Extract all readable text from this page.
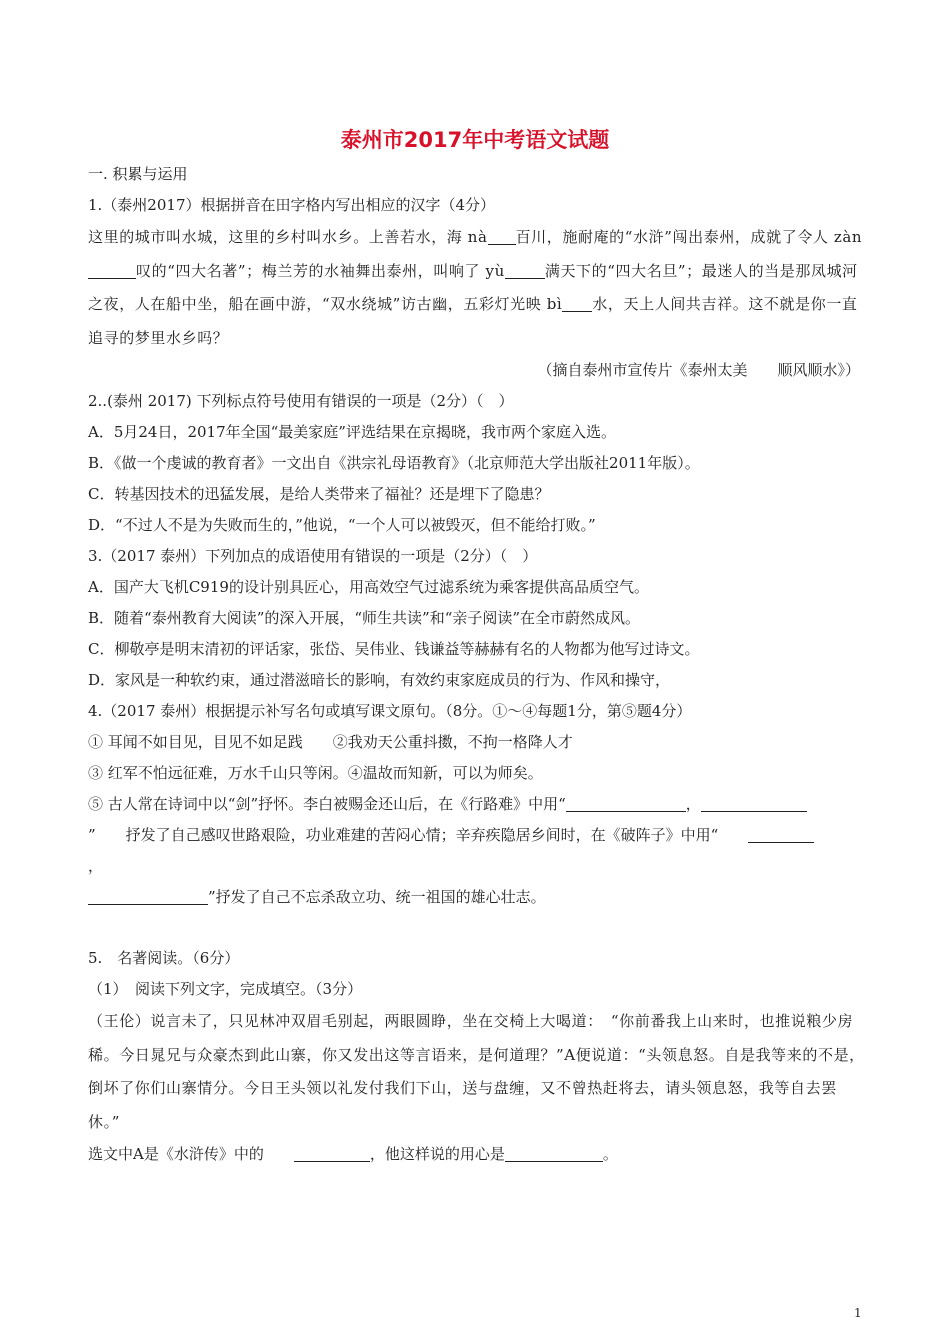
泰州市2017年中考语文试题

一. 积累与运用

1.（泰州2017）根据拼音在田字格内写出相应的汉字（4分）

这里的城市叫水城，这里的乡村叫水乡。上善若水，海 nà 百川，施耐庵的“水浒”闯出泰州，成就了令人 zàn叹的“四大名著”；梅兰芳的水袖舞出泰州，叫响了 yù	满天下的“四大名旦”；最迷人的当是那凤城河之夜，人在船中坐，船在画中游，“双水绕城”访古幽，五彩灯光映 bì 水，天上人间共吉祥。这不就是你一直追寻的梦里水乡吗？

（摘自泰州市宣传片《泰州太美　　顺风顺水》）

2..(泰州 2017) 下列标点符号使用有错误的一项是（2分）（　）

A．5月24日，2017年全国“最美家庭”评选结果在京揭晓，我市两个家庭入选。

B．《做一个虔诚的教育者》一文出自《洪宗礼母语教育》（北京师范大学出版社2011年版）。

C．转基因技术的迅猛发展，是给人类带来了福祉？还是埋下了隐患？

D．“不过人不是为失败而生的，”他说，“一个人可以被毁灭，但不能给打败。”

3.（2017 泰州）下列加点的成语使用有错误的一项是（2分）（　）

A．国产大飞机C919的设计别具匠心，用高效空气过滤系统为乘客提供高品质空气。

B．随着“泰州教育大阅读”的深入开展，“师生共读”和“亲子阅读”在全市蔚然成风。

C．柳敬亭是明末清初的评话家，张岱、吴伟业、钱谦益等赫赫有名的人物都为他写过诗文。

D．家风是一种软约束，通过潜滋暗长的影响，有效约束家庭成员的行为、作风和操守，

4.（2017 泰州）根据提示补写名句或填写课文原句。（8分。①～④每题1分，第⑤题4分）

① 耳闻不如目见，目见不如足践 ②我劝天公重抖擞，不拘一格降人才

③ 红军不怕远征难，万水千山只等闲。④温故而知新，可以为师矣。

⑤ 古人常在诗词中以“剑”抒怀。李白被赐金还山后，在《行路难》中用“	，

” 抒发了自己感叹世路艰险，功业难建的苦闷心情；辛弃疾隐居乡间时，在《破阵子》中用“

，

”抒发了自己不忘杀敌立功、统一祖国的雄心壮志。

5.　名著阅读。（6分）

（1）　阅读下列文字，完成填空。（3分）

（王伦）说言未了，只见林冲双眉毛别起，两眼圆睁，坐在交椅上大喝道：　“你前番我上山来时，也推说粮少房稀。今日晁兄与众豪杰到此山寨，你又发出这等言语来，是何道理？”A便说道：“头领息怒。自是我等来的不是，倒坏了你们山寨情分。今日王头领以礼发付我们下山，送与盘缠，又不曾热赶将去，请头领息怒，我等自去罢休。”

选文中A是《水浒传》中的	，他这样说的用心是	。

1
